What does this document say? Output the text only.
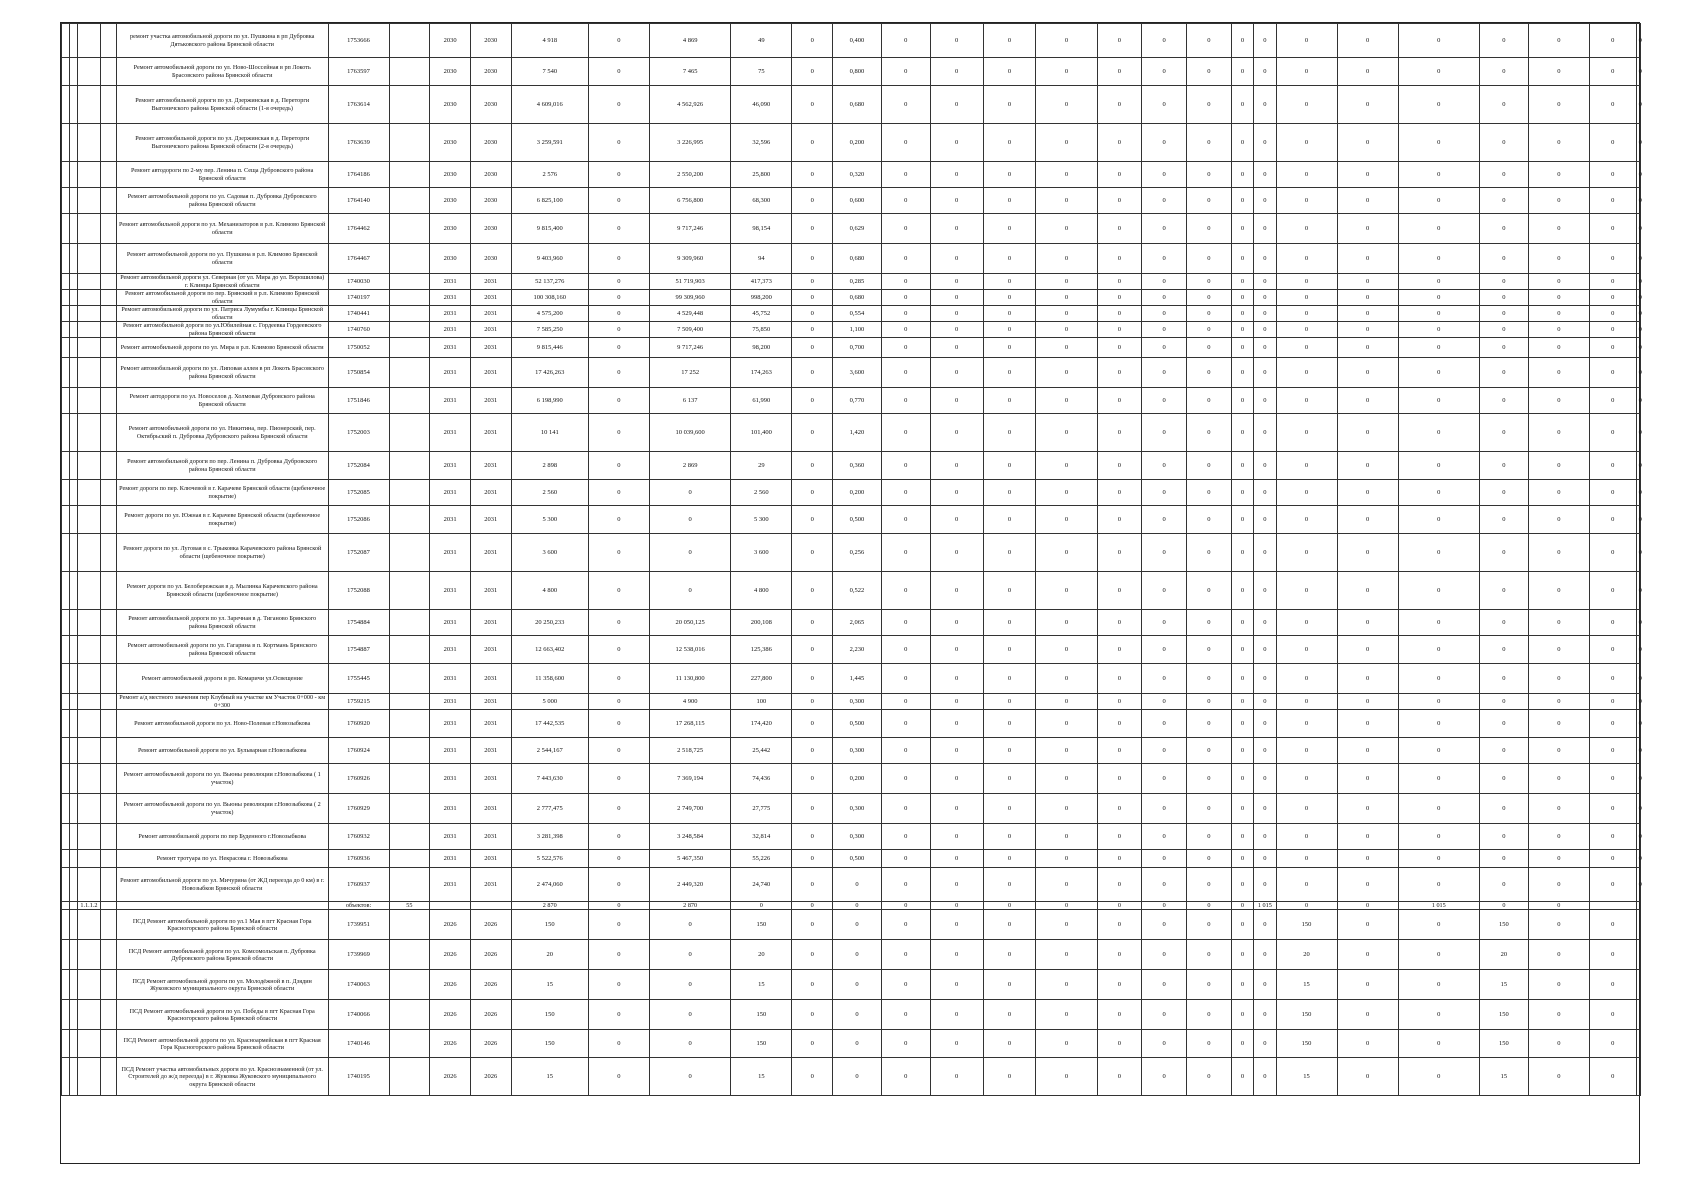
				ремонт участка автомобильной дороги по ул. Пушкина в рп Дубровка Дятьковского района Брянской области	1753666		2030	2030	4 918	0	4 869	49	0	0,400	0	0	0	0	0	0	0	0	0	0	0	0	0	0	0	0
				Ремонт автомобильной дороги по ул. Ново-Шоссейная в рп Локоть Брасовского района Брянской области	1763597		2030	2030	7 540	0	7 465	75	0	0,800	0	0	0	0	0	0	0	0	0	0	0	0	0	0	0	0
				Ремонт автомобильной дороги по ул. Дзержинская в д. Переторги Выгоничского района Брянской области (1-я очередь)	1763614		2030	2030	4 609,016	0	4 562,926	46,090	0	0,680	0	0	0	0	0	0	0	0	0	0	0	0	0	0	0	0
				Ремонт автомобильной дороги по ул. Дзержинская в д. Переторги Выгоничского района Брянской области (2-я очередь)	1763639		2030	2030	3 259,591	0	3 226,995	32,596	0	0,200	0	0	0	0	0	0	0	0	0	0	0	0	0	0	0	0
				Ремонт автодороги по 2-му пер. Ленина п. Сеща Дубровского района Брянской области	1764186		2030	2030	2 576	0	2 550,200	25,800	0	0,320	0	0	0	0	0	0	0	0	0	0	0	0	0	0	0	0
				Ремонт автомобильной дороги по ул. Садовая п. Дубровка Дубровского района Брянской области	1764140		2030	2030	6 825,100	0	6 756,800	68,300	0	0,600	0	0	0	0	0	0	0	0	0	0	0	0	0	0	0	0
				Ремонт автомобильной дороги по ул. Механизаторов в р.п. Климово Брянской области	1764462		2030	2030	9 815,400	0	9 717,246	98,154	0	0,629	0	0	0	0	0	0	0	0	0	0	0	0	0	0	0	0
				Ремонт автомобильной дороги по ул. Пушкина в р.п. Климово Брянской области	1764467		2030	2030	9 403,960	0	9 309,960	94	0	0,680	0	0	0	0	0	0	0	0	0	0	0	0	0	0	0	0
				Ремонт автомобильной дороги ул. Северная (от ул. Мира до ул. Ворошилова) г. Клинцы Брянской области	1740030		2031	2031	52 137,276	0	51 719,903	417,373	0	0,285	0	0	0	0	0	0	0	0	0	0	0	0	0	0	0	0
				Ремонт автомобильной дороги по пер. Брянский в р.п. Климово Брянской области	1740197		2031	2031	100 308,160	0	99 309,960	998,200	0	0,680	0	0	0	0	0	0	0	0	0	0	0	0	0	0	0	0
				Ремонт автомобильной дороги по ул. Патриса Лумумбы г. Клинцы Брянской области	1740441		2031	2031	4 575,200	0	4 529,448	45,752	0	0,554	0	0	0	0	0	0	0	0	0	0	0	0	0	0	0	0
				Ремонт автомобильной дороги по ул.Юбилейная с. Гордеевка Гордеевского района Брянской области	1740760		2031	2031	7 585,250	0	7 509,400	75,850	0	1,100	0	0	0	0	0	0	0	0	0	0	0	0	0	0	0	0
				Ремонт автомобильной дороги по ул. Мира в р.п. Климово Брянской области	1750052		2031	2031	9 815,446	0	9 717,246	98,200	0	0,700	0	0	0	0	0	0	0	0	0	0	0	0	0	0	0	0
				Ремонт автомобильной дороги по ул. Липовая аллея в рп Локоть Брасовского района Брянской области	1750854		2031	2031	17 426,263	0	17 252	174,263	0	3,600	0	0	0	0	0	0	0	0	0	0	0	0	0	0	0	0
				Ремонт автодороги по ул. Новоселов д. Холмовая Дубровского района Брянской области	1751846		2031	2031	6 198,990	0	6 137	61,990	0	0,770	0	0	0	0	0	0	0	0	0	0	0	0	0	0	0	0
				Ремонт автомобильной дороги по ул. Никитина, пер. Пионерский, пер. Октябрьский п. Дубровка Дубровского района Брянской области	1752003		2031	2031	10 141	0	10 039,600	101,400	0	1,420	0	0	0	0	0	0	0	0	0	0	0	0	0	0	0	0
				Ремонт автомобильной дороги по пер. Ленина п. Дубровка Дубровского района Брянской области	1752084		2031	2031	2 898	0	2 869	29	0	0,360	0	0	0	0	0	0	0	0	0	0	0	0	0	0	0	0
				Ремонт дороги по пер. Ключевой в г. Карачеве Брянской области (щебеночное покрытие)	1752085		2031	2031	2 560	0	0	2 560	0	0,200	0	0	0	0	0	0	0	0	0	0	0	0	0	0	0	0
				Ремонт дороги по ул. Южная в г. Карачеве Брянской области (щебеночное покрытие)	1752086		2031	2031	5 300	0	0	5 300	0	0,500	0	0	0	0	0	0	0	0	0	0	0	0	0	0	0	0
				Ремонт дороги по ул. Луговая в с. Трыковка Карачевского района Брянской области (щебеночное покрытие)	1752087		2031	2031	3 600	0	0	3 600	0	0,256	0	0	0	0	0	0	0	0	0	0	0	0	0	0	0	0
				Ремонт дороги по ул. Белобережская в д. Мылинка Карачевского района Брянской области (щебеночное покрытие)	1752088		2031	2031	4 800	0	0	4 800	0	0,522	0	0	0	0	0	0	0	0	0	0	0	0	0	0	0	0
				Ремонт автомобильной дороги по ул. Заречная в д. Тиганово Брянского района Брянской области	1754884		2031	2031	20 250,233	0	20 050,125	200,108	0	2,065	0	0	0	0	0	0	0	0	0	0	0	0	0	0	0	0
				Ремонт автомобильной дороги по ул. Гагарина в п. Кортмань Брянского района Брянской области	1754887		2031	2031	12 663,402	0	12 538,016	125,386	0	2,230	0	0	0	0	0	0	0	0	0	0	0	0	0	0	0	0
				Ремонт автомобильной дороги в рп. Комаричи ул.Освещение	1755445		2031	2031	11 358,600	0	11 130,800	227,800	0	1,445	0	0	0	0	0	0	0	0	0	0	0	0	0	0	0	0
				Ремонт а/д местного значения пер Клубный на участке км Участок 0+000 - км 0+300	1759215		2031	2031	5 000	0	4 900	100	0	0,300	0	0	0	0	0	0	0	0	0	0	0	0	0	0	0	0
				Ремонт автомобильной дороги по ул. Ново-Полевая г.Новозыбкова	1760920		2031	2031	17 442,535	0	17 268,115	174,420	0	0,500	0	0	0	0	0	0	0	0	0	0	0	0	0	0	0	0
				Ремонт автомобильной дороги по ул. Бульварная г.Новозыбкова	1760924		2031	2031	2 544,167	0	2 518,725	25,442	0	0,300	0	0	0	0	0	0	0	0	0	0	0	0	0	0	0	0
				Ремонт автомобильной дороги по ул. Вьюны революции г.Новозыбкова ( 1 участок)	1760926		2031	2031	7 443,630	0	7 369,194	74,436	0	0,200	0	0	0	0	0	0	0	0	0	0	0	0	0	0	0	0
				Ремонт автомобильной дороги по ул. Вьюны революции г.Новозыбкова ( 2 участок)	1760929		2031	2031	2 777,475	0	2 749,700	27,775	0	0,300	0	0	0	0	0	0	0	0	0	0	0	0	0	0	0	0
				Ремонт автомобильной дороги по пер Буденного г.Новозыбкова	1760932		2031	2031	3 281,398	0	3 248,584	32,814	0	0,300	0	0	0	0	0	0	0	0	0	0	0	0	0	0	0	0
				Ремонт тротуара по ул. Некрасова г. Новозыбкова	1760936		2031	2031	5 522,576	0	5 467,350	55,226	0	0,500	0	0	0	0	0	0	0	0	0	0	0	0	0	0	0	0
				Ремонт автомобильной дороги по ул. Мичурина (от ЖД переезда до 0 км) в г. Новозыбков Брянской области	1760937		2031	2031	2 474,060	0	2 449,320	24,740	0	0	0	0	0	0	0	0	0	0	0	0	0	0	0	0	0	0
		1.1.1.2			объектов:	55			2 870	0	2 870	0	0	0	0	0	0	0	0	0	0	0	1 015	0	0	1 015	0	0		
				ПСД Ремонт автомобильной дороги по ул.1 Мая в пгт Красная Гора Красногорского района Брянской области	1739951		2026	2026	150	0	0	150	0	0	0	0	0	0	0	0	0	0	0	150	0	0	150	0	0	
				ПСД Ремонт автомобильной дороги по ул. Комсомольская п. Дубровка Дубровского района Брянской области	1739969		2026	2026	20	0	0	20	0	0	0	0	0	0	0	0	0	0	0	20	0	0	20	0	0	
				ПСД Ремонт автомобильной дороги по ул. Молодёжной в п. Дзядин Жуковского муниципального округа Брянской области	1740063		2026	2026	15	0	0	15	0	0	0	0	0	0	0	0	0	0	0	15	0	0	15	0	0	
				ПСД Ремонт автомобильной дороги по ул. Победы в пгт Красная Гора Красногорского района Брянской области	1740066		2026	2026	150	0	0	150	0	0	0	0	0	0	0	0	0	0	0	150	0	0	150	0	0	
				ПСД Ремонт автомобильной дороги по ул. Красноармейская в пгт Красная Гора Красногорского района Брянской области	1740146		2026	2026	150	0	0	150	0	0	0	0	0	0	0	0	0	0	0	150	0	0	150	0	0	
				ПСД Ремонт участка автомобильных дороги по ул. Краснознаменной (от ул. Строителей до ж/д переезда) в г. Жуковка Жуковского муниципального округа Брянской области	1740195		2026	2026	15	0	0	15	0	0	0	0	0	0	0	0	0	0	0	15	0	0	15	0	0	
